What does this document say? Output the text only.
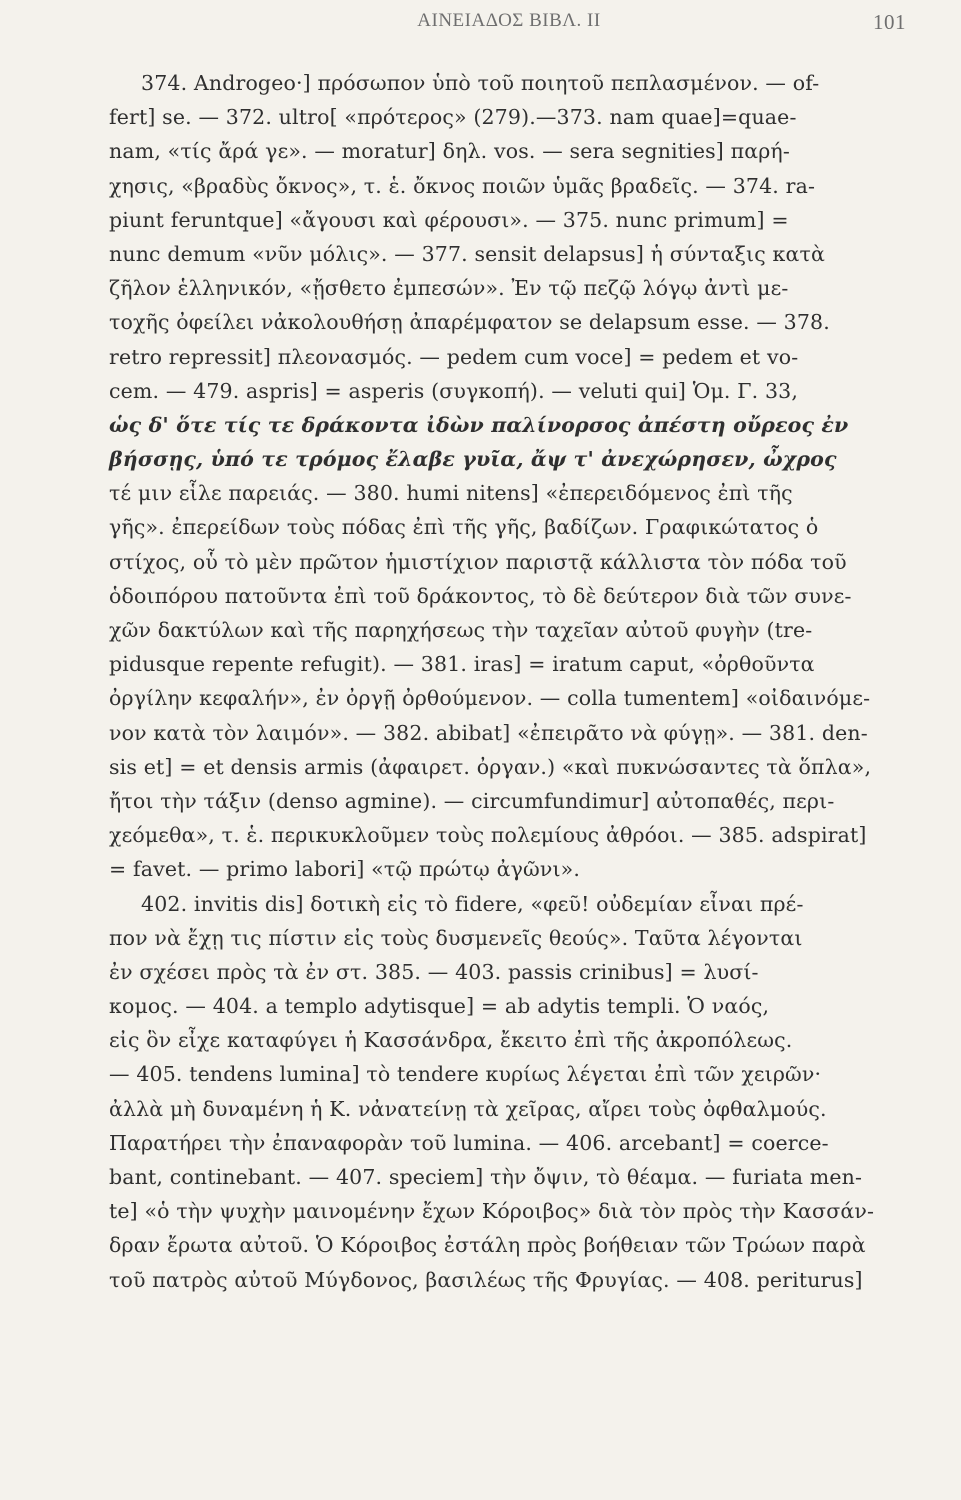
ΑΙΝΕΙΑΔΟΣ ΒΙΒΛ. ΙΙ	101
374. Androgeo·] πρόσωπον ὑπὸ τοῦ ποιητοῦ πεπλασμένον. — of-
fert] se. — 372. ultro[ «πρότερος» (279).—373. nam quae]=quae-
nam, «τίς ἄρά γε». — moratur] δηλ. vos. — sera segnities] παρή-
χησις, «βραδὺς ὄκνος», τ. ἑ. ὄκνος ποιῶν ὑμᾶς βραδεῖς. — 374. ra-
piunt feruntque] «ἄγουσι καὶ φέρουσι». — 375. nunc primum] =
nunc demum «νῦν μόλις». — 377. sensit delapsus] ἡ σύνταξις κατὰ
ζῆλον ἑλληνικόν, «ᾔσθετο ἐμπεσών». Ἐν τῷ πεζῷ λόγῳ ἀντὶ με-
τοχῆς ὀφείλει νἀκολουθήσῃ ἀπαρέμφατον se delapsum esse. — 378.
retro repressit] πλεονασμός. — pedem cum voce] = pedem et vo-
cem. — 479. aspris] = asperis (συγκοπή). — veluti qui] Ὁμ. Γ. 33,
ὡς δ' ὅτε τίς τε δράκοντα ἰδὼν παλίνορσος ἀπέστη οὔρεος ἐν
βήσσῃς, ὑπό τε τρόμος ἔλαβε γυῖα, ἄψ τ' ἀνεχώρησεν, ὦχρος
τέ μιν εἷλε παρειάς. — 380. humi nitens] «ἐπερειδόμενος ἐπὶ τῆς
γῆς». ἐπερείδων τοὺς πόδας ἐπὶ τῆς γῆς, βαδίζων. Γραφικώτατος ὁ
στίχος, οὗ τὸ μὲν πρῶτον ἡμιστίχιον παριστᾷ κάλλιστα τὸν πόδα τοῦ
ὁδοιπόρου πατοῦντα ἐπὶ τοῦ δράκοντος, τὸ δὲ δεύτερον διὰ τῶν συνε-
χῶν δακτύλων καὶ τῆς παρηχήσεως τὴν ταχεῖαν αὐτοῦ φυγὴν (tre-
pidusque repente refugit). — 381. iras] = iratum caput, «ὀρθοῦντα
ὀργίλην κεφαλήν», ἐν ὀργῇ ὀρθούμενον. — colla tumentem] «οἰδαινόμε-
νον κατὰ τὸν λαιμόν». — 382. abibat] «ἐπειρᾶτο νὰ φύγῃ». — 381. den-
sis et] = et densis armis (ἀφαιρετ. ὀργαν.) «καὶ πυκνώσαντες τὰ ὅπλα»,
ἤτοι τὴν τάξιν (denso agmine). — circumfundimur] αὐτοπαθές, περι-
χεόμεθα», τ. ἑ. περικυκλοῦμεν τοὺς πολεμίους ἀθρόοι. — 385. adspirat]
= favet. — primo labori] «τῷ πρώτῳ ἀγῶνι».
402. invitis dis] δοτικὴ εἰς τὸ fidere, «φεῦ! οὐδεμίαν εἶναι πρέ-
πον νὰ ἔχῃ τις πίστιν εἰς τοὺς δυσμενεῖς θεούς». Ταῦτα λέγονται
ἐν σχέσει πρὸς τὰ ἐν στ. 385. — 403. passis crinibus] = λυσί-
κομος. — 404. a templo adytisque] = ab adytis templi. Ὁ ναός,
εἰς ὃν εἶχε καταφύγει ἡ Κασσάνδρα, ἔκειτο ἐπὶ τῆς ἀκροπόλεως.
— 405. tendens lumina] τὸ tendere κυρίως λέγεται ἐπὶ τῶν χειρῶν·
ἀλλὰ μὴ δυναμένη ἡ Κ. νἀνατείνῃ τὰ χεῖρας, αἴρει τοὺς ὀφθαλμούς.
Παρατήρει τὴν ἐπαναφορὰν τοῦ lumina. — 406. arcebant] = coerce-
bant, continebant. — 407. speciem] τὴν ὄψιν, τὸ θέαμα. — furiata men-
te] «ὁ τὴν ψυχὴν μαινομένην ἔχων Κόροιβος» διὰ τὸν πρὸς τὴν Κασσάν-
δραν ἔρωτα αὐτοῦ. Ὁ Κόροιβος ἐστάλη πρὸς βοήθειαν τῶν Τρώων παρὰ
τοῦ πατρὸς αὐτοῦ Μύγδονος, βασιλέως τῆς Φρυγίας. — 408. periturus]
